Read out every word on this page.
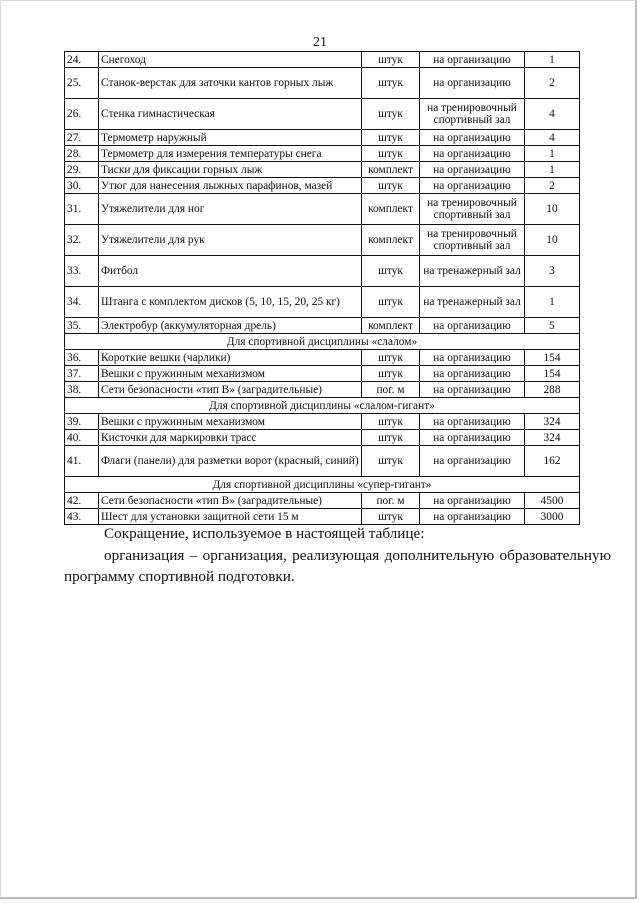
21
24.	Снегоход	штук	на организацию	1
25.	Станок-верстак для заточки кантов горных лыж	штук	на организацию	2
26.	Стенка гимнастическая	штук	на тренировочный спортивный зал	4
27.	Термометр наружный	штук	на организацию	4
28.	Термометр для измерения температуры снега	штук	на организацию	1
29.	Тиски для фиксации горных лыж	комплект	на организацию	1
30.	Утюг для нанесения лыжных парафинов, мазей	штук	на организацию	2
31.	Утяжелители для ног	комплект	на тренировочный спортивный зал	10
32.	Утяжелители для рук	комплект	на тренировочный спортивный зал	10
33.	Фитбол	штук	на тренажерный зал	3
34.	Штанга с комплектом дисков (5, 10, 15, 20, 25 кг)	штук	на тренажерный зал	1
35.	Электробур (аккумуляторная дрель)	комплект	на организацию	5
Для спортивной дисциплины «слалом»				
36.	Короткие вешки (чарлики)	штук	на организацию	154
37.	Вешки с пружинным механизмом	штук	на организацию	154
38.	Сети безопасности «тип В» (заградительные)	пог. м	на организацию	288
Для спортивной дисциплины «слалом-гигант»				
39.	Вешки с пружинным механизмом	штук	на организацию	324
40.	Кисточки для маркировки трасс	штук	на организацию	324
41.	Флаги (панели) для разметки ворот (красный, синий)	штук	на организацию	162
Для спортивной дисциплины «супер-гигант»				
42.	Сети безопасности «тип В» (заградительные)	пог. м	на организацию	4500
43.	Шест для установки защитной сети 15 м	штук	на организацию	3000
Сокращение, используемое в настоящей таблице:
организация – организация, реализующая дополнительную образовательную программу спортивной подготовки.
